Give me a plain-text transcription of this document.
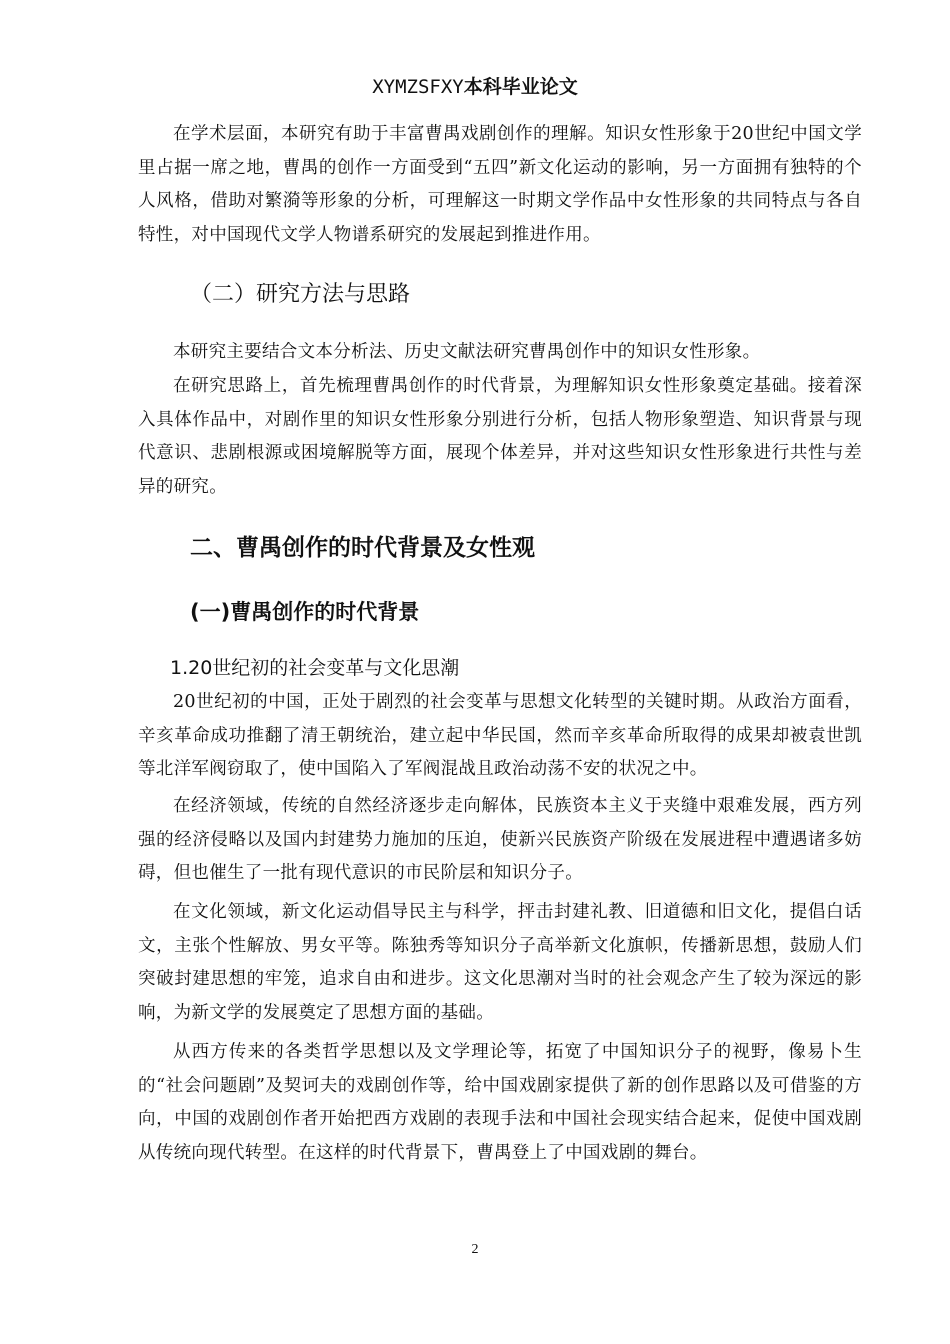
XYMZSFXY本科毕业论文
在学术层面，本研究有助于丰富曹禺戏剧创作的理解。知识女性形象于20世纪中国文学里占据一席之地，曹禺的创作一方面受到“五四”新文化运动的影响，另一方面拥有独特的个人风格，借助对繁漪等形象的分析，可理解这一时期文学作品中女性形象的共同特点与各自特性，对中国现代文学人物谱系研究的发展起到推进作用。
（二）研究方法与思路
本研究主要结合文本分析法、历史文献法研究曹禺创作中的知识女性形象。
在研究思路上，首先梳理曹禺创作的时代背景，为理解知识女性形象奠定基础。接着深入具体作品中，对剧作里的知识女性形象分别进行分析，包括人物形象塑造、知识背景与现代意识、悲剧根源或困境解脱等方面，展现个体差异，并对这些知识女性形象进行共性与差异的研究。
二、曹禺创作的时代背景及女性观
(一)曹禺创作的时代背景
1.20世纪初的社会变革与文化思潮
20世纪初的中国，正处于剧烈的社会变革与思想文化转型的关键时期。从政治方面看，辛亥革命成功推翻了清王朝统治，建立起中华民国，然而辛亥革命所取得的成果却被袁世凯等北洋军阀窃取了，使中国陷入了军阀混战且政治动荡不安的状况之中。
在经济领域，传统的自然经济逐步走向解体，民族资本主义于夹缝中艰难发展，西方列强的经济侵略以及国内封建势力施加的压迫，使新兴民族资产阶级在发展进程中遭遇诸多妨碍，但也催生了一批有现代意识的市民阶层和知识分子。
在文化领域，新文化运动倡导民主与科学，抨击封建礼教、旧道德和旧文化，提倡白话文，主张个性解放、男女平等。陈独秀等知识分子高举新文化旗帜，传播新思想，鼓励人们突破封建思想的牢笼，追求自由和进步。这文化思潮对当时的社会观念产生了较为深远的影响，为新文学的发展奠定了思想方面的基础。
从西方传来的各类哲学思想以及文学理论等，拓宽了中国知识分子的视野，像易卜生的“社会问题剧”及契诃夫的戏剧创作等，给中国戏剧家提供了新的创作思路以及可借鉴的方向，中国的戏剧创作者开始把西方戏剧的表现手法和中国社会现实结合起来，促使中国戏剧从传统向现代转型。在这样的时代背景下，曹禺登上了中国戏剧的舞台。
2
